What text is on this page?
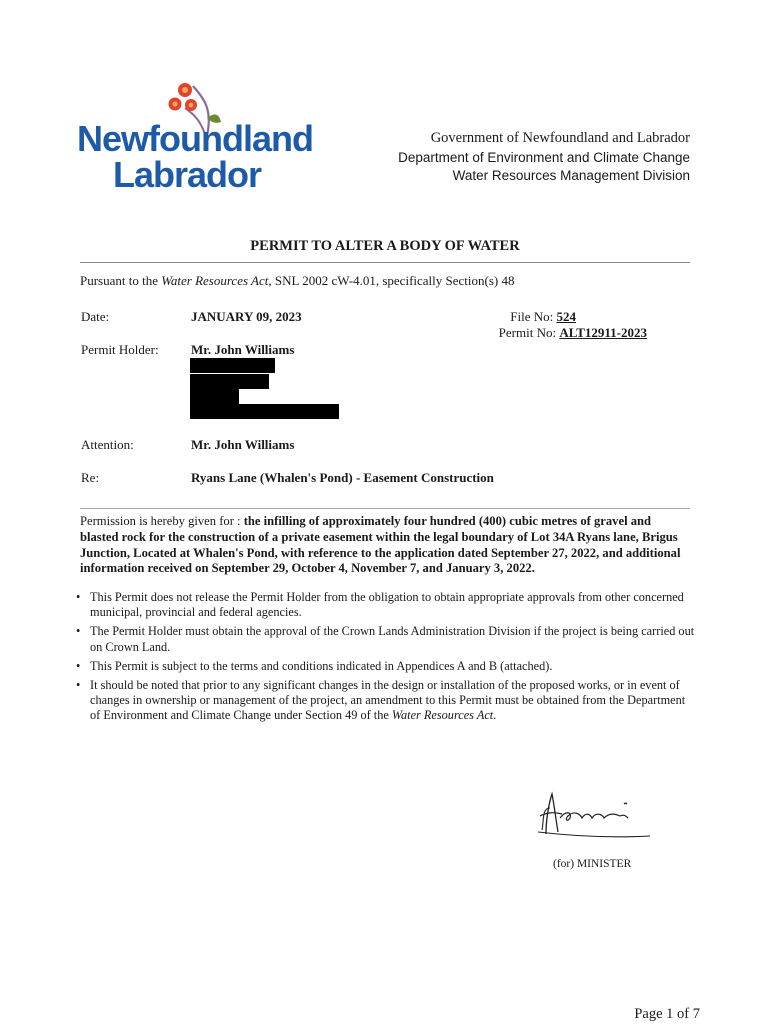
Newfoundland
Labrador
Government of Newfoundland and Labrador
Department of Environment and Climate Change
Water Resources Management Division
PERMIT TO ALTER A BODY OF WATER
Pursuant to the Water Resources Act, SNL 2002 cW-4.01, specifically Section(s) 48
Date:	JANUARY 09, 2023	File No: 524
Permit No: ALT12911-2023
Permit Holder: Mr. John Williams
Attention:	Mr. John Williams
Re:	Ryans Lane (Whalen's Pond) - Easement Construction
Permission is hereby given for : the infilling of approximately four hundred (400) cubic metres of gravel and blasted rock for the construction of a private easement within the legal boundary of Lot 34A Ryans lane, Brigus Junction, Located at Whalen's Pond, with reference to the application dated September 27, 2022, and additional information received on September 29, October 4, November 7, and January 3, 2022.
• This Permit does not release the Permit Holder from the obligation to obtain appropriate approvals from other concerned municipal, provincial and federal agencies.
• The Permit Holder must obtain the approval of the Crown Lands Administration Division if the project is being carried out on Crown Land.
• This Permit is subject to the terms and conditions indicated in Appendices A and B (attached).
• It should be noted that prior to any significant changes in the design or installation of the proposed works, or in event of changes in ownership or management of the project, an amendment to this Permit must be obtained from the Department of Environment and Climate Change under Section 49 of the Water Resources Act.
(for) MINISTER
Page 1 of 7
